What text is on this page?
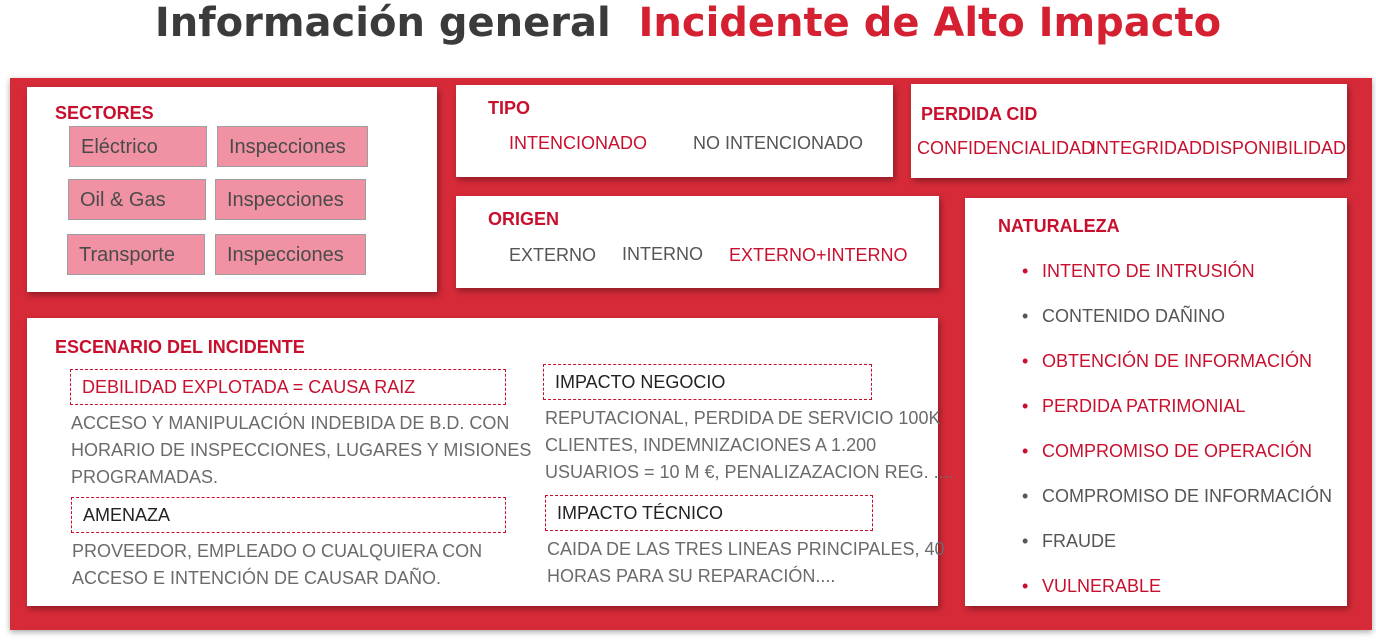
Información general Incidente de Alto Impacto
SECTORES
Eléctrico	Inspecciones
Oil & Gas	Inspecciones
Transporte	Inspecciones
TIPO
INTENCIONADO	NO INTENCIONADO
PERDIDA CID
CONFIDENCIALIDAD
INTEGRIDAD DISPONIBILIDAD
ORIGEN
EXTERNO INTERNO EXTERNO+INTERNO
NATURALEZA
• INTENTO DE INTRUSIÓN
• CONTENIDO DAÑINO
• OBTENCIÓN DE INFORMACIÓN
• PERDIDA PATRIMONIAL
• COMPROMISO DE OPERACIÓN
• COMPROMISO DE INFORMACIÓN
• FRAUDE
• VULNERABLE
ESCENARIO DEL INCIDENTE
DEBILIDAD EXPLOTADA = CAUSA RAIZ
ACCESO Y MANIPULACIÓN INDEBIDA DE B.D. CON
HORARIO DE INSPECCIONES, LUGARES Y MISIONES
PROGRAMADAS.
AMENAZA
PROVEEDOR, EMPLEADO O CUALQUIERA CON
ACCESO E INTENCIÓN DE CAUSAR DAÑO.
IMPACTO NEGOCIO
REPUTACIONAL, PERDIDA DE SERVICIO 100K
CLIENTES, INDEMNIZACIONES A 1.200
USUARIOS = 10 M €, PENALIZAZACION REG. ....
IMPACTO TÉCNICO
CAIDA DE LAS TRES LINEAS PRINCIPALES, 40
HORAS PARA SU REPARACIÓN....
